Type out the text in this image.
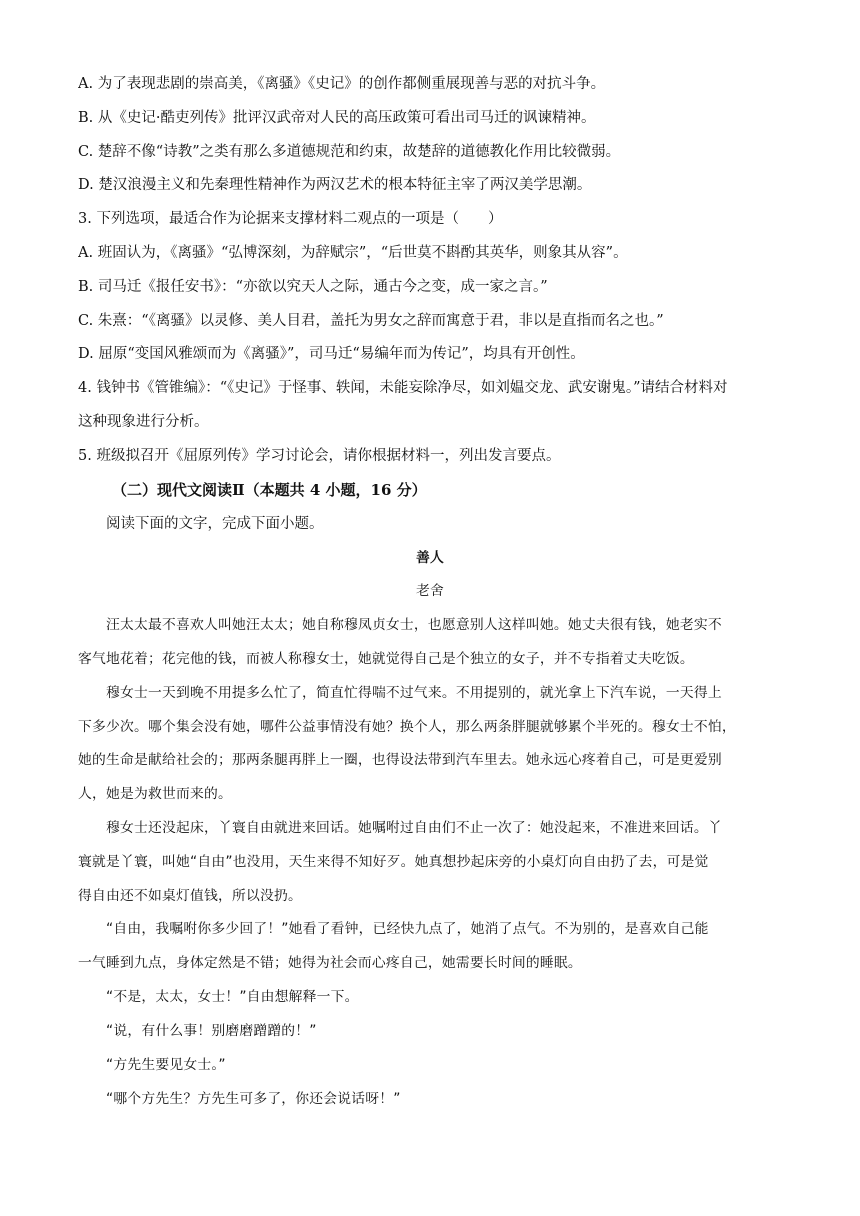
A. 为了表现悲剧的崇高美，《离骚》《史记》的创作都侧重展现善与恶的对抗斗争。
B. 从《史记·酷吏列传》批评汉武帝对人民的高压政策可看出司马迁的讽谏精神。
C. 楚辞不像“诗教”之类有那么多道德规范和约束，故楚辞的道德教化作用比较微弱。
D. 楚汉浪漫主义和先秦理性精神作为两汉艺术的根本特征主宰了两汉美学思潮。
3. 下列选项，最适合作为论据来支撑材料二观点的一项是（　　）
A. 班固认为，《离骚》“弘博深刻，为辞赋宗”，“后世莫不斟酌其英华，则象其从容”。
B. 司马迁《报任安书》：“亦欲以究天人之际，通古今之变，成一家之言。”
C. 朱熹：“《离骚》以灵修、美人目君，盖托为男女之辞而寓意于君，非以是直指而名之也。”
D. 屈原“变国风雅颂而为《离骚》”，司马迁“易编年而为传记”，均具有开创性。
4. 钱钟书《管锥编》：“《史记》于怪事、轶闻，未能妄除净尽，如刘媪交龙、武安谢鬼。”请结合材料对
这种现象进行分析。
5. 班级拟召开《屈原列传》学习讨论会，请你根据材料一，列出发言要点。
（二）现代文阅读Ⅱ（本题共 4 小题，16 分）
阅读下面的文字，完成下面小题。
善人
老舍
汪太太最不喜欢人叫她汪太太；她自称穆凤贞女士，也愿意别人这样叫她。她丈夫很有钱，她老实不
客气地花着；花完他的钱，而被人称穆女士，她就觉得自己是个独立的女子，并不专指着丈夫吃饭。
穆女士一天到晚不用提多么忙了，简直忙得喘不过气来。不用提别的，就光拿上下汽车说，一天得上
下多少次。哪个集会没有她，哪件公益事情没有她？换个人，那么两条胖腿就够累个半死的。穆女士不怕，
她的生命是献给社会的；那两条腿再胖上一圈，也得设法带到汽车里去。她永远心疼着自己，可是更爱别
人，她是为救世而来的。
穆女士还没起床，丫寰自由就进来回话。她嘱咐过自由们不止一次了：她没起来，不准进来回话。丫
寰就是丫寰，叫她“自由”也没用，天生来得不知好歹。她真想抄起床旁的小桌灯向自由扔了去，可是觉
得自由还不如桌灯值钱，所以没扔。
“自由，我嘱咐你多少回了！”她看了看钟，已经快九点了，她消了点气。不为别的，是喜欢自己能
一气睡到九点，身体定然是不错；她得为社会而心疼自己，她需要长时间的睡眠。
“不是，太太，女士！”自由想解释一下。
“说，有什么事！别磨磨蹭蹭的！”
“方先生要见女士。”
“哪个方先生？方先生可多了，你还会说话呀！”
